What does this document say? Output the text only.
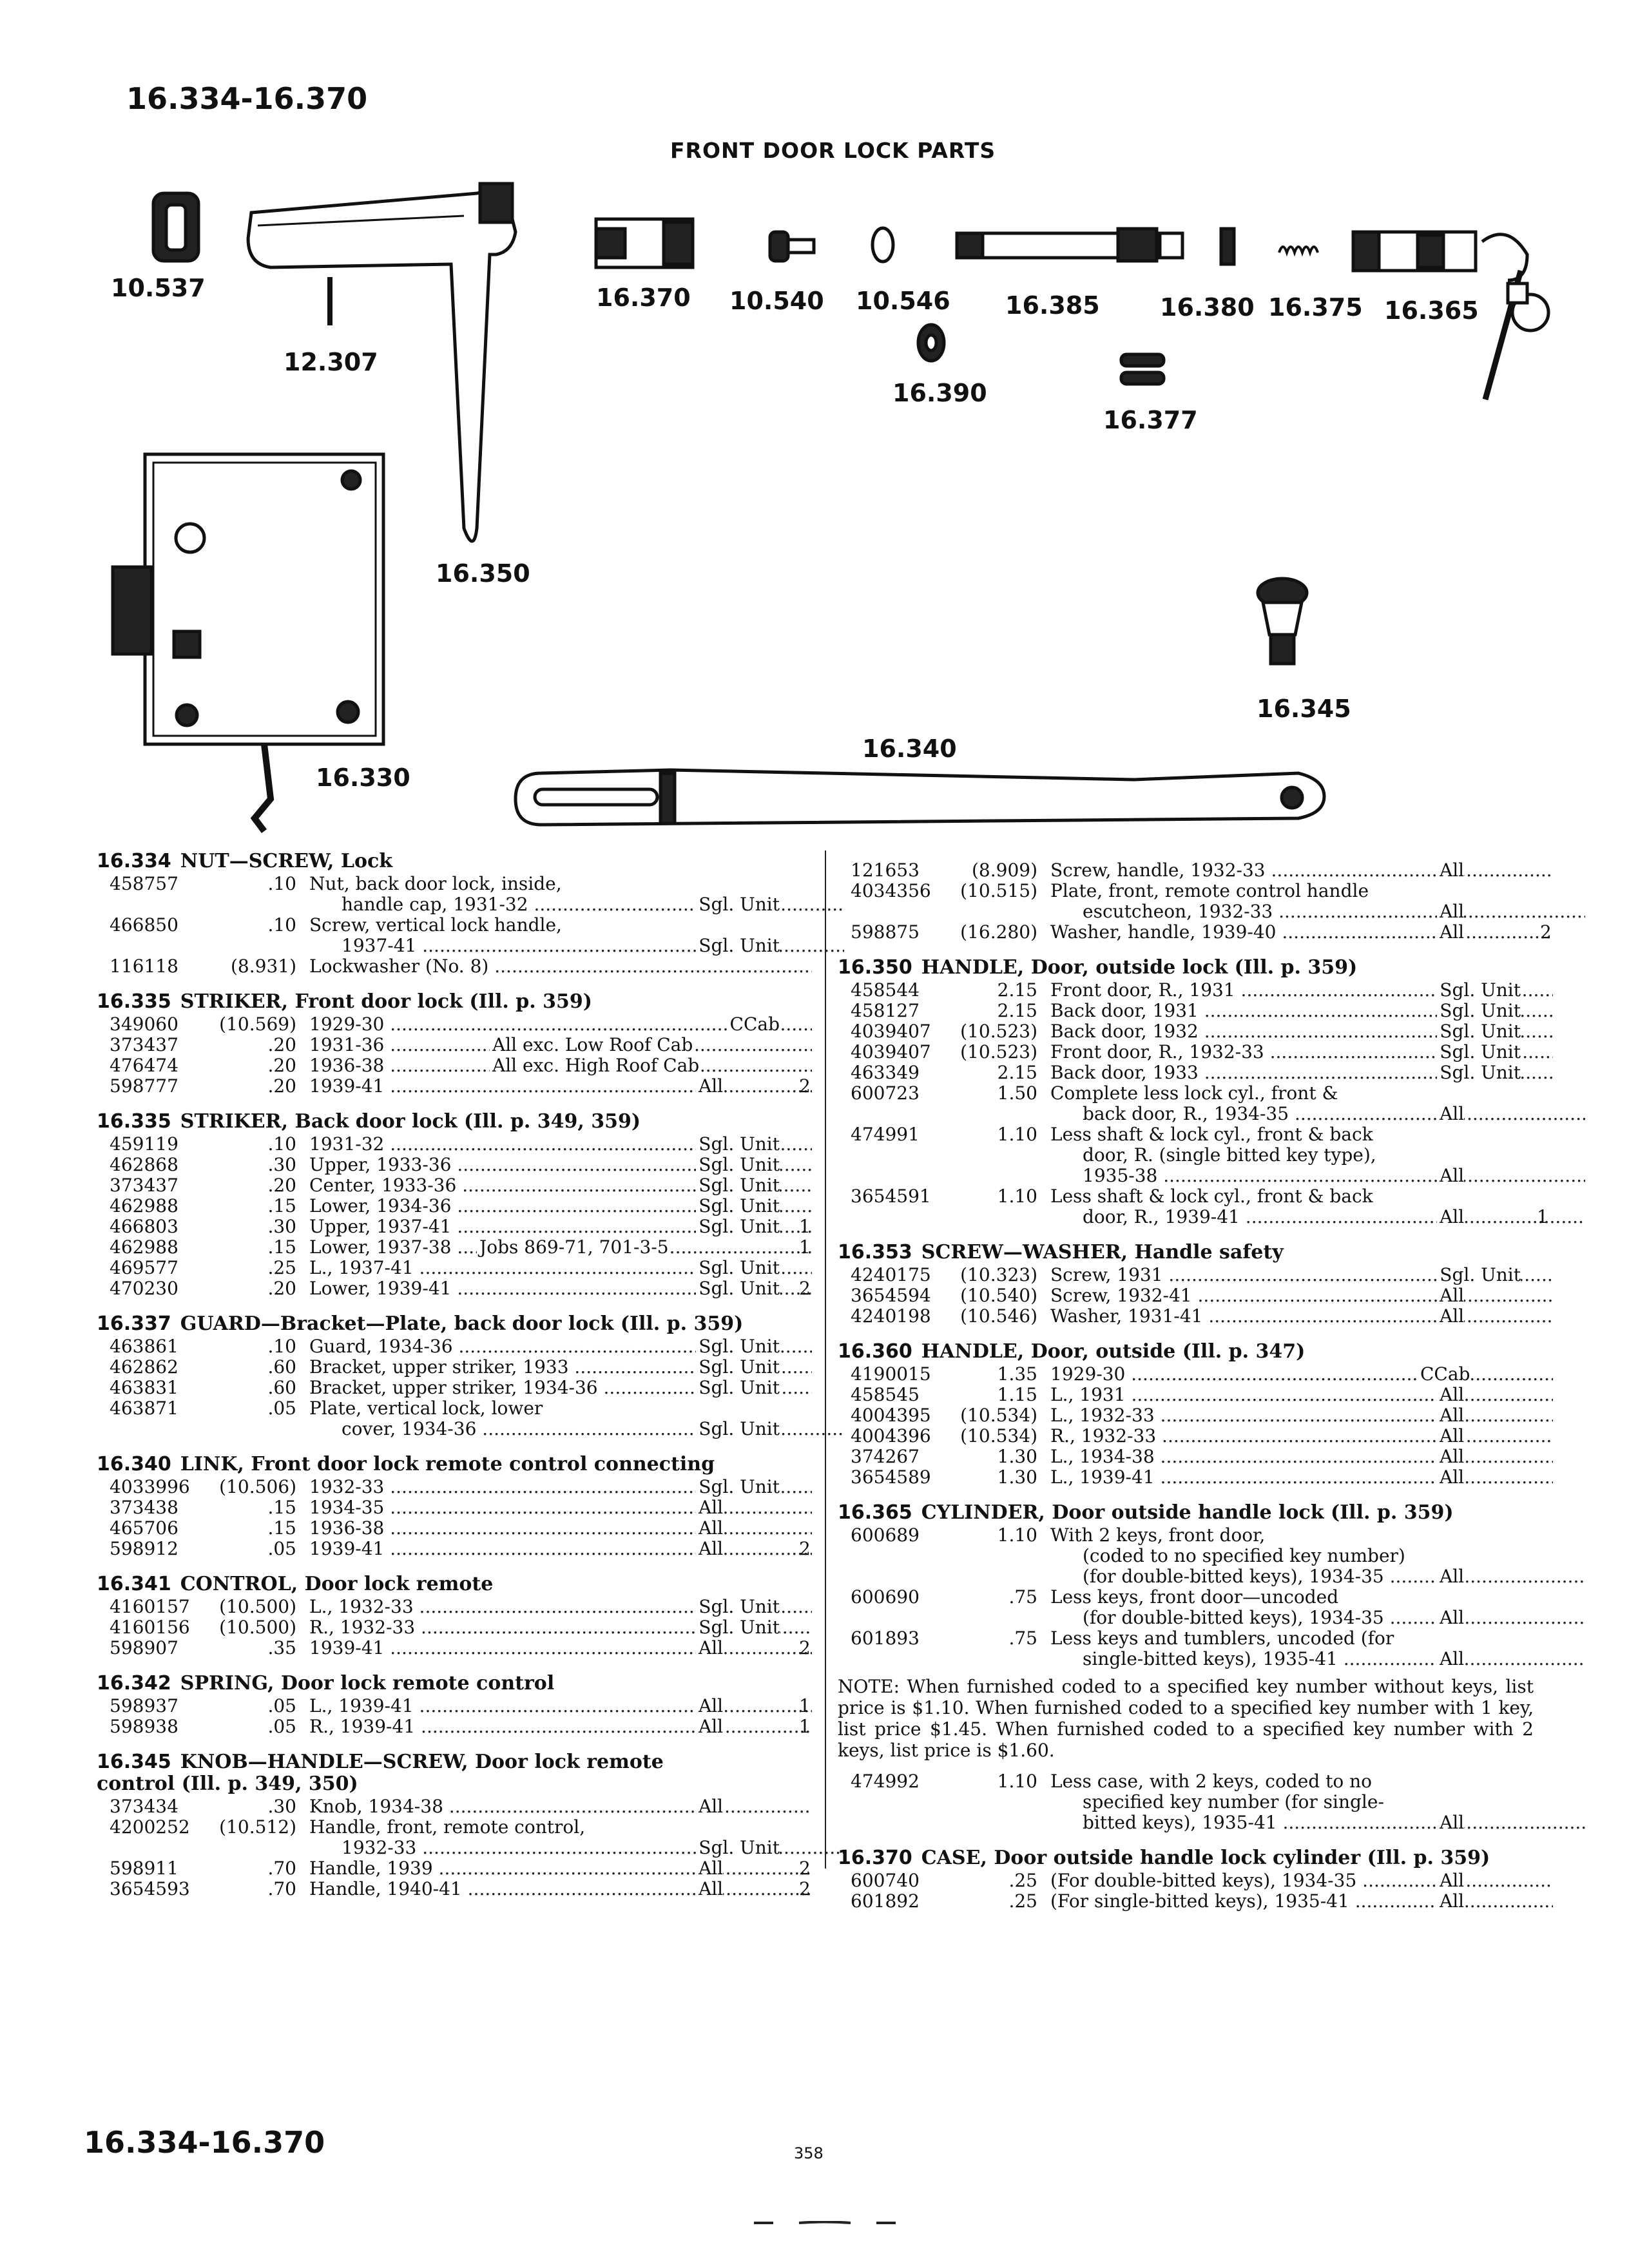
16.334-16.370
FRONT DOOR LOCK PARTS
10.537
12.307
16.350
16.330
16.370 10.540 10.546
16.390
16.385 16.380 16.375 16.365
16.377
16.345
16.340
16.334 NUT—SCREW, Lock
458757	.10 Nut, back door lock, inside,
handle cap, 1931-32 .....	Sgl. Unit
466850	.10 Screw, vertical lock handle,
1937-41 .....	Sgl. Unit
116118	(8.931) Lockwasher (No. 8) .....
16.335 STRIKER, Front door lock (Ill. p. 359)
349060	(10.569) 1929-30 .....	CCab
373437	.20 1931-36 .....	All exc. Low Roof Cab
476474	.20 1936-38 .....	All exc. High Roof Cab
598777	.20 1939-41 .....	All	2
16.335 STRIKER, Back door lock (Ill. p. 349, 359)
459119	.10 1931-32 .....	Sgl. Unit
462868	.30 Upper, 1933-36 .....	Sgl. Unit
373437	.20 Center, 1933-36 .....	Sgl. Unit
462988	.15 Lower, 1934-36 .....	Sgl. Unit
466803	.30 Upper, 1937-41 .....	Sgl. Unit 1
462988	.15 Lower, 1937-38 .....	Jobs 869-71, 701-3-5	1
469577	.25 L., 1937-41 .....	Sgl. Unit
470230	.20 Lower, 1939-41 .....	Sgl. Unit 2
16.337 GUARD—Bracket—Plate, back door lock (Ill. p. 359)
463861	.10 Guard, 1934-36 .....	Sgl. Unit
462862	.60 Bracket, upper striker, 1933 .....	Sgl. Unit
463831	.60 Bracket, upper striker, 1934-36 .....	Sgl. Unit
463871	.05 Plate, vertical lock, lower
cover, 1934-36 .....	Sgl. Unit
16.340 LINK, Front door lock remote control connecting
4033996	(10.506) 1932-33 .....	Sgl. Unit
373438	.15 1934-35 .....	All
465706	.15 1936-38 .....	All
598912	.05 1939-41 .....	All	2
16.341 CONTROL, Door lock remote
4160157	(10.500) L., 1932-33 .....	Sgl. Unit
4160156	(10.500) R., 1932-33 .....	Sgl. Unit
598907	.35 1939-41 .....	All	2
16.342 SPRING, Door lock remote control
598937	.05 L., 1939-41 .....	All	1
598938	.05 R., 1939-41 .....	All	1
16.345 KNOB—HANDLE—SCREW, Door lock remote control (Ill. p. 349, 350)
373434	.30 Knob, 1934-38 .....	All
4200252	(10.512) Handle, front, remote control,
1932-33 .....	Sgl. Unit
598911	.70 Handle, 1939 .....	All	2
3654593	.70 Handle, 1940-41 .....	All	2
121653	(8.909) Screw, handle, 1932-33 .....	All
4034356	(10.515) Plate, front, remote control handle
escutcheon, 1932-33 .....	All
598875	(16.280) Washer, handle, 1939-40 .....	All	2
16.350 HANDLE, Door, outside lock (Ill. p. 359)
458544	2.15 Front door, R., 1931 .....	Sgl. Unit
458127	2.15 Back door, 1931 .....	Sgl. Unit
4039407	(10.523) Back door, 1932 .....	Sgl. Unit
4039407	(10.523) Front door, R., 1932-33 .....	Sgl. Unit
463349	2.15 Back door, 1933 .....	Sgl. Unit
600723	1.50 Complete less lock cyl., front &
back door, R., 1934-35 .....	All
474991	1.10 Less shaft & lock cyl., front & back
door, R. (single bitted key type),
1935-38 .....	All
3654591	1.10 Less shaft & lock cyl., front & back
door, R., 1939-41 .....	All	1
16.353 SCREW—WASHER, Handle safety
4240175	(10.323) Screw, 1931 .....	Sgl. Unit
3654594	(10.540) Screw, 1932-41 .....	All
4240198	(10.546) Washer, 1931-41 .....	All
16.360 HANDLE, Door, outside (Ill. p. 347)
4190015	1.35 1929-30 .....	CCab
458545	1.15 L., 1931 .....	All
4004395	(10.534) L., 1932-33 .....	All
4004396	(10.534) R., 1932-33 .....	All
374267	1.30 L., 1934-38 .....	All
3654589	1.30 L., 1939-41 .....	All
16.365 CYLINDER, Door outside handle lock (Ill. p. 359)
600689	1.10 With 2 keys, front door,
(coded to no specified key number)
(for double-bitted keys), 1934-35 .....	All
600690	.75 Less keys, front door—uncoded
(for double-bitted keys), 1934-35 .....	All
601893	.75 Less keys and tumblers, uncoded (for
single-bitted keys), 1935-41 .....	All
NOTE: When furnished coded to a specified key number without keys, list price is $1.10. When furnished coded to a specified key number with 1 key, list price $1.45. When furnished coded to a specified key number with 2 keys, list price is $1.60.
474992	1.10 Less case, with 2 keys, coded to no
specified key number (for single-
bitted keys), 1935-41 .....	All
16.370 CASE, Door outside handle lock cylinder (Ill. p. 359)
600740	.25 (For double-bitted keys), 1934-35 .....	All
601892	.25 (For single-bitted keys), 1935-41 .....	All
16.334-16.370	358
